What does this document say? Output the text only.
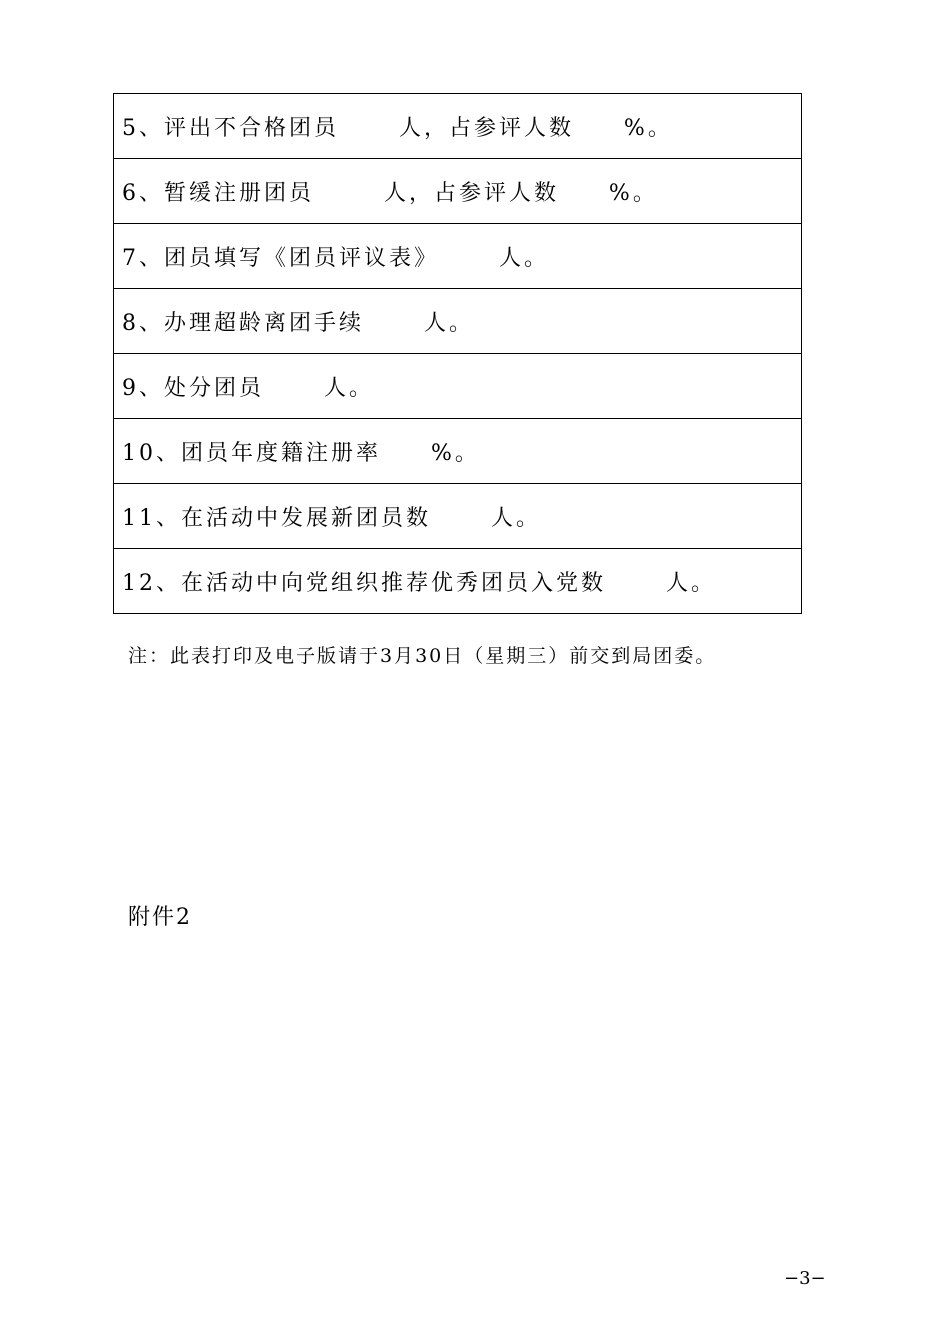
5、评出不合格团员      人，占参评人数     %。
6、暂缓注册团员       人，占参评人数     %。
7、团员填写《团员评议表》      人。
8、办理超龄离团手续      人。
9、处分团员      人。
10、团员年度籍注册率     %。
11、在活动中发展新团员数      人。
12、在活动中向党组织推荐优秀团员入党数      人。
注：此表打印及电子版请于3月30日（星期三）前交到局团委。
附件2
−3−
